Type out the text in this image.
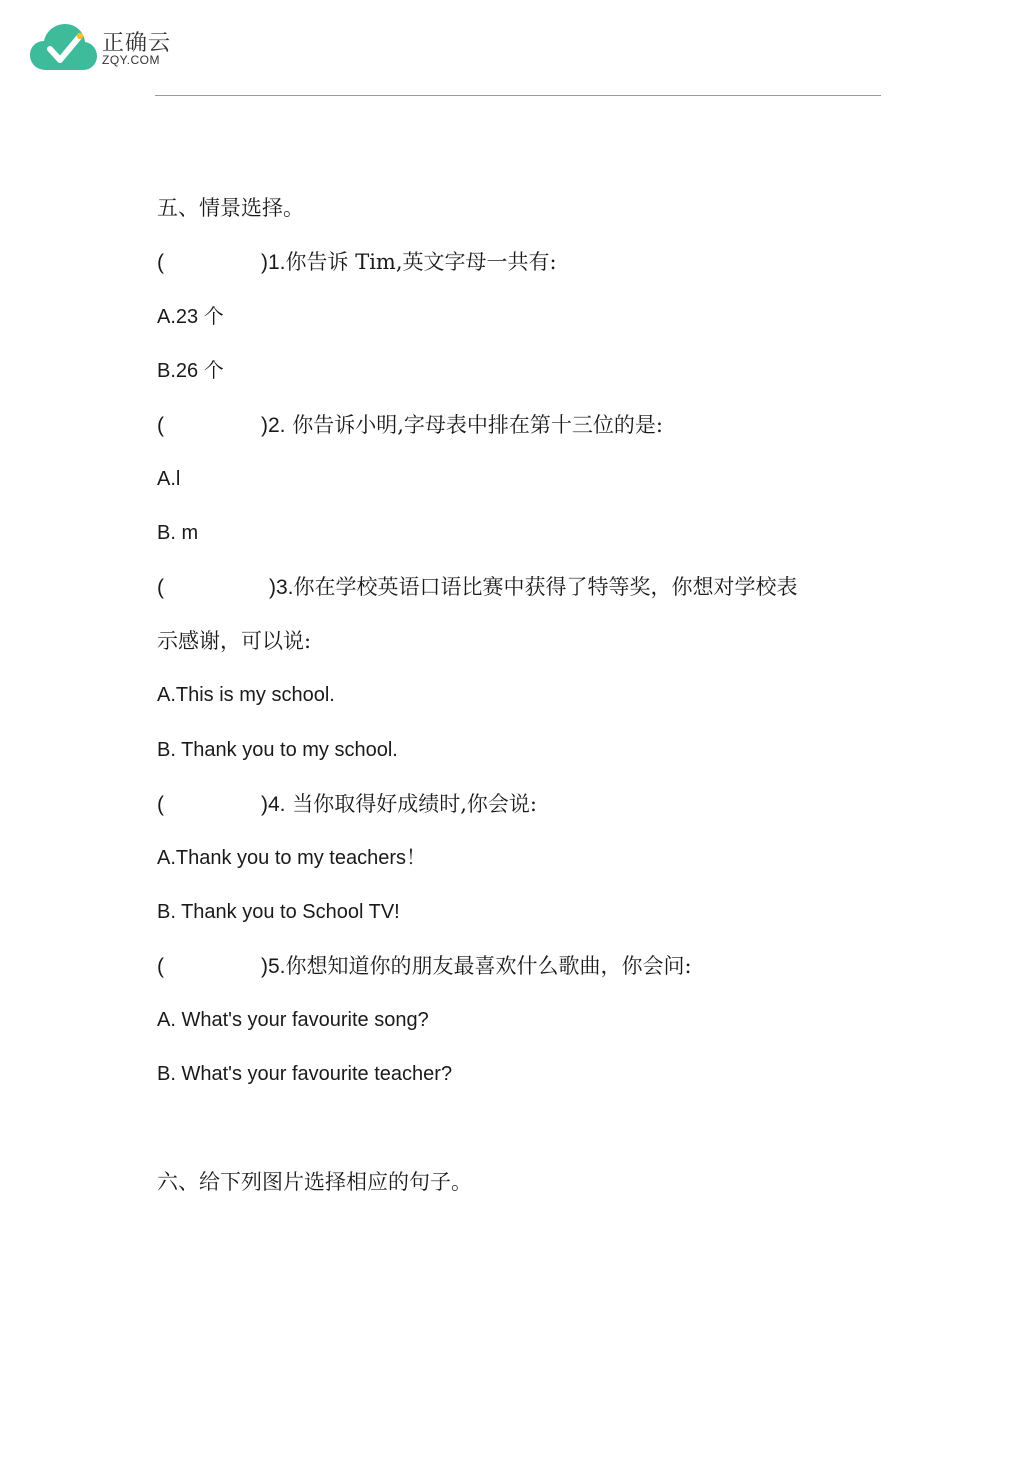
正确云
ZQY.COM
五、情景选择。
(	)1.你告诉 Tim,英文字母一共有:
A.23 个
B.26 个
(	)2. 你告诉小明,字母表中排在第十三位的是:
A.l
B. m
(	)3.你在学校英语口语比赛中获得了特等奖，你想对学校表
示感谢，可以说:
A.This is my school.
B. Thank you to my school.
(	)4. 当你取得好成绩时,你会说:
A.Thank you to my teachers！
B. Thank you to School TV!
(	)5.你想知道你的朋友最喜欢什么歌曲，你会问:
A. What's your favourite song?
B. What's your favourite teacher?
六、给下列图片选择相应的句子。
